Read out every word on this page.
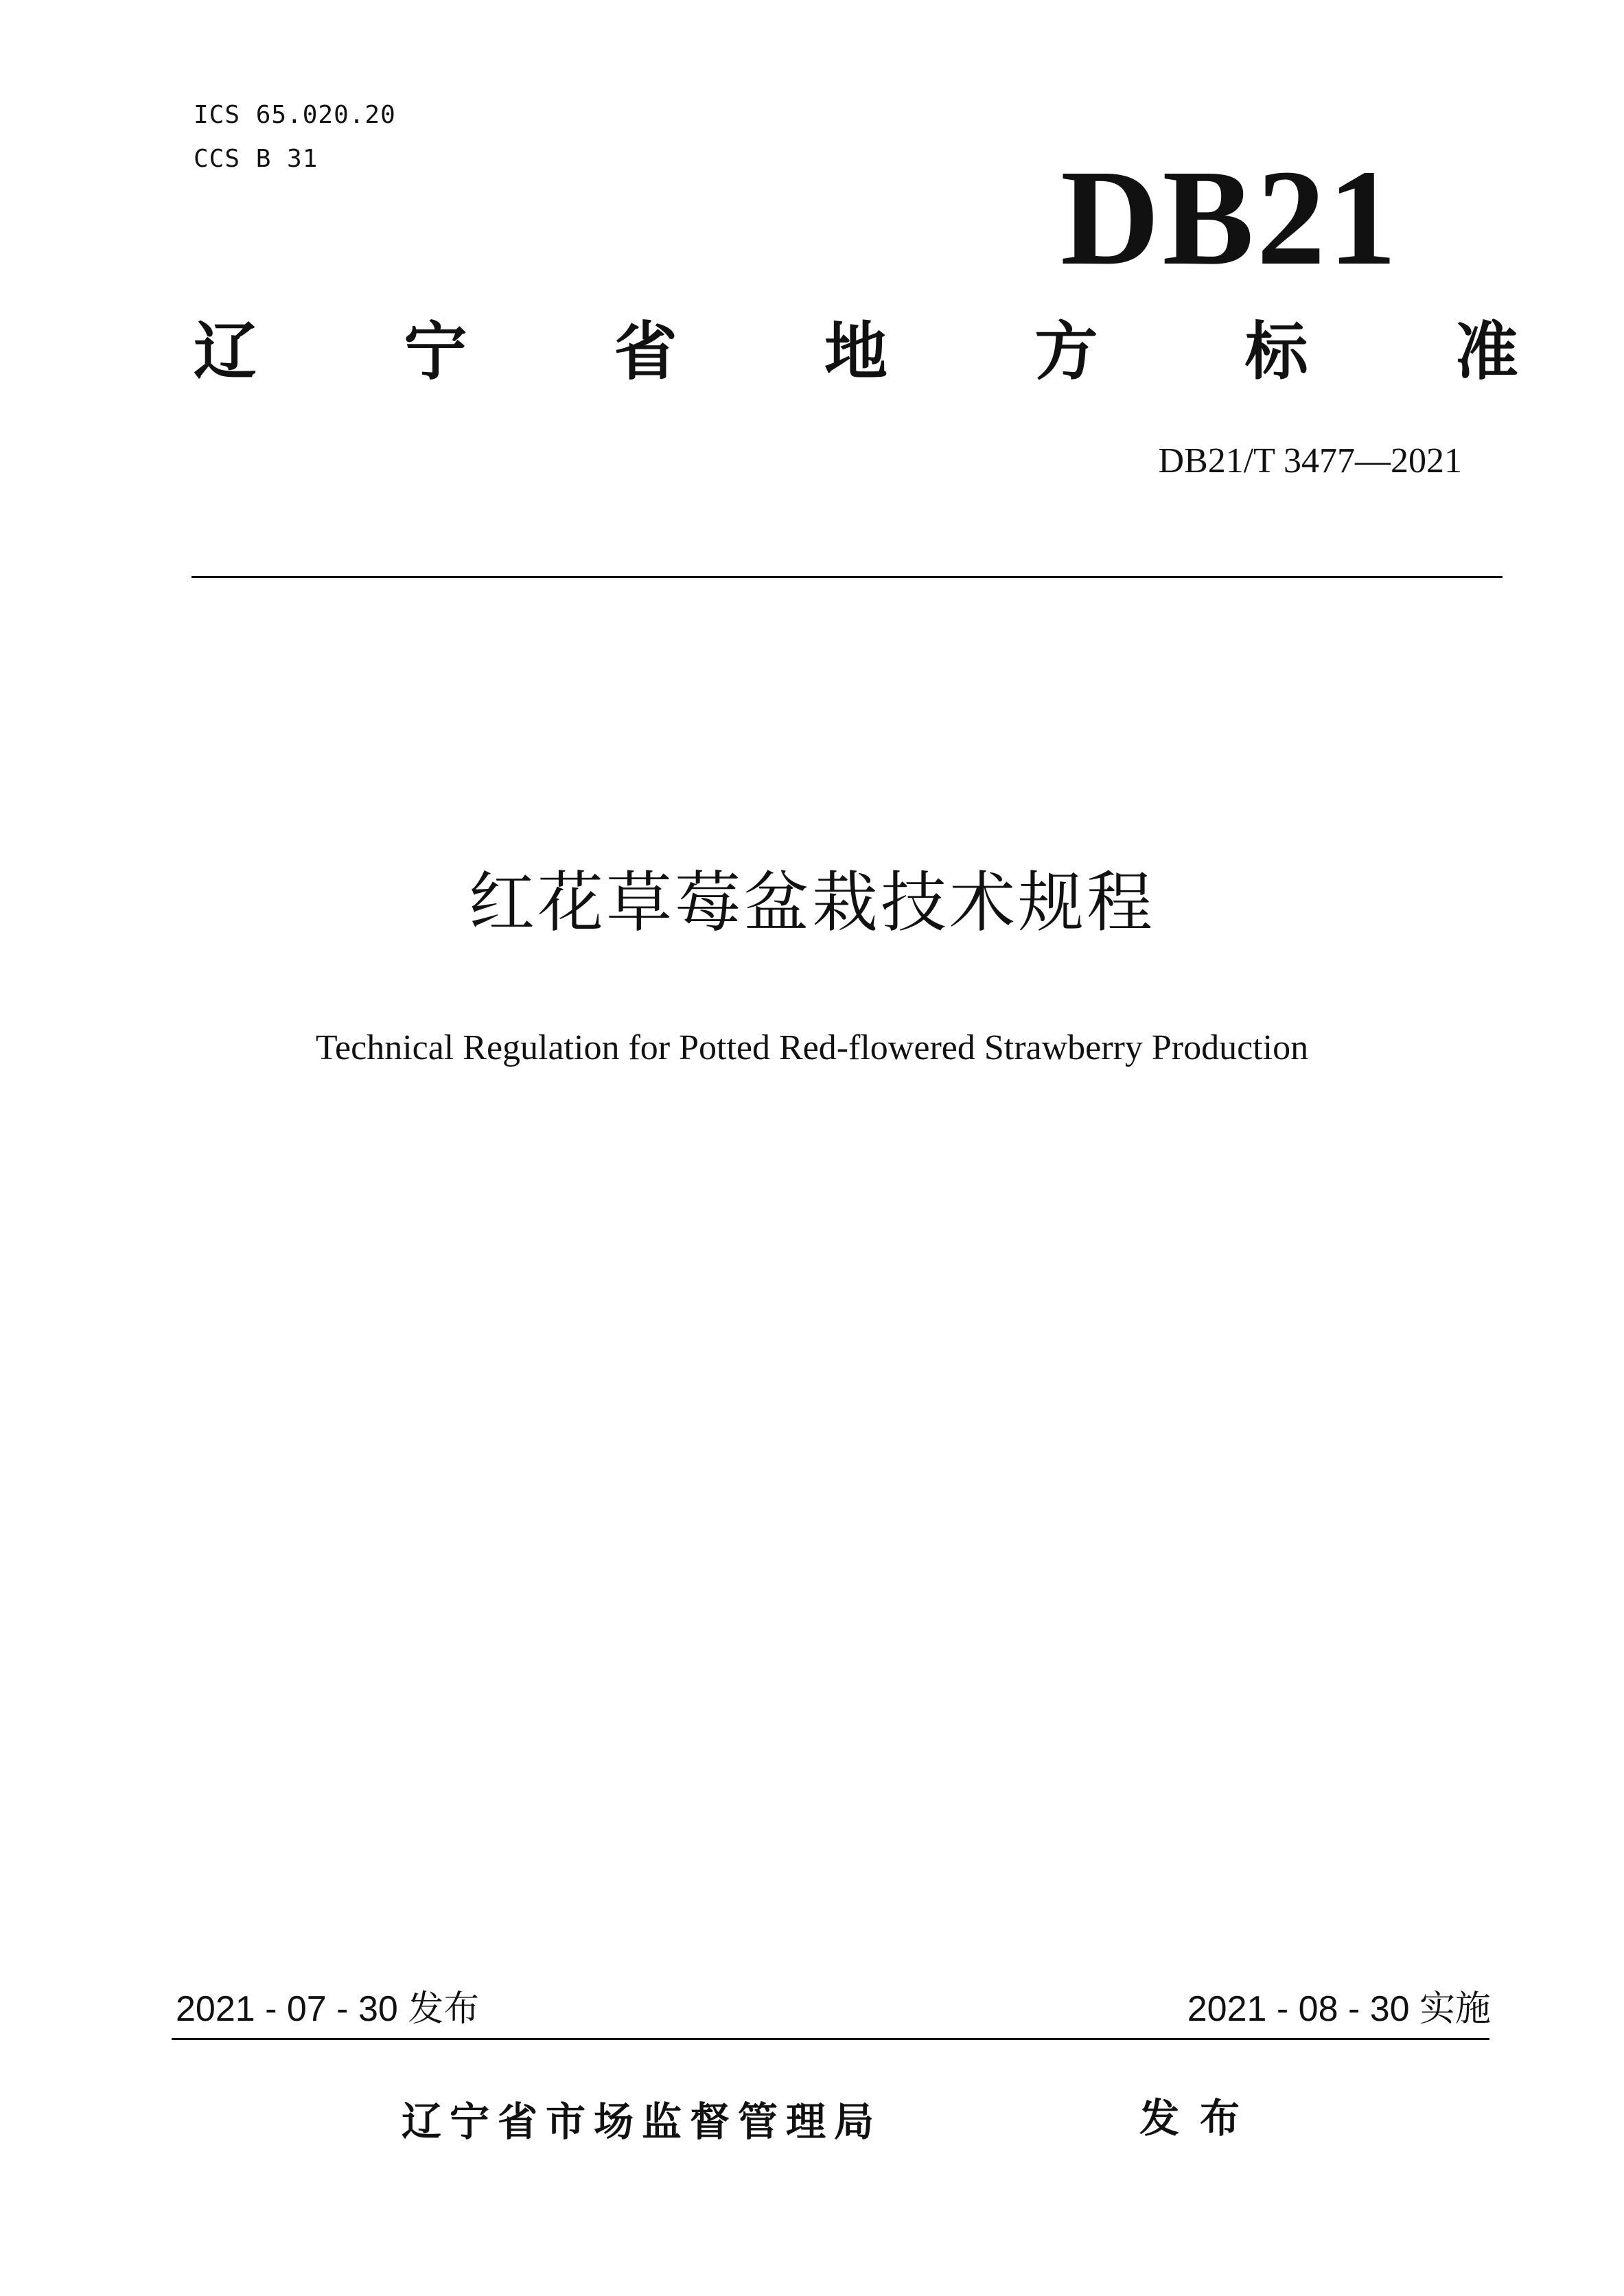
ICS 65.020.20
CCS B 31	DB21
辽 宁 省 地 方 标 准
DB21/T 3477—2021
红花草莓盆栽技术规程
Technical Regulation for Potted Red-flowered Strawberry Production
2021 - 07 - 30 发布	2021 - 08 - 30 实施
辽宁省市场监督管理局	发布
